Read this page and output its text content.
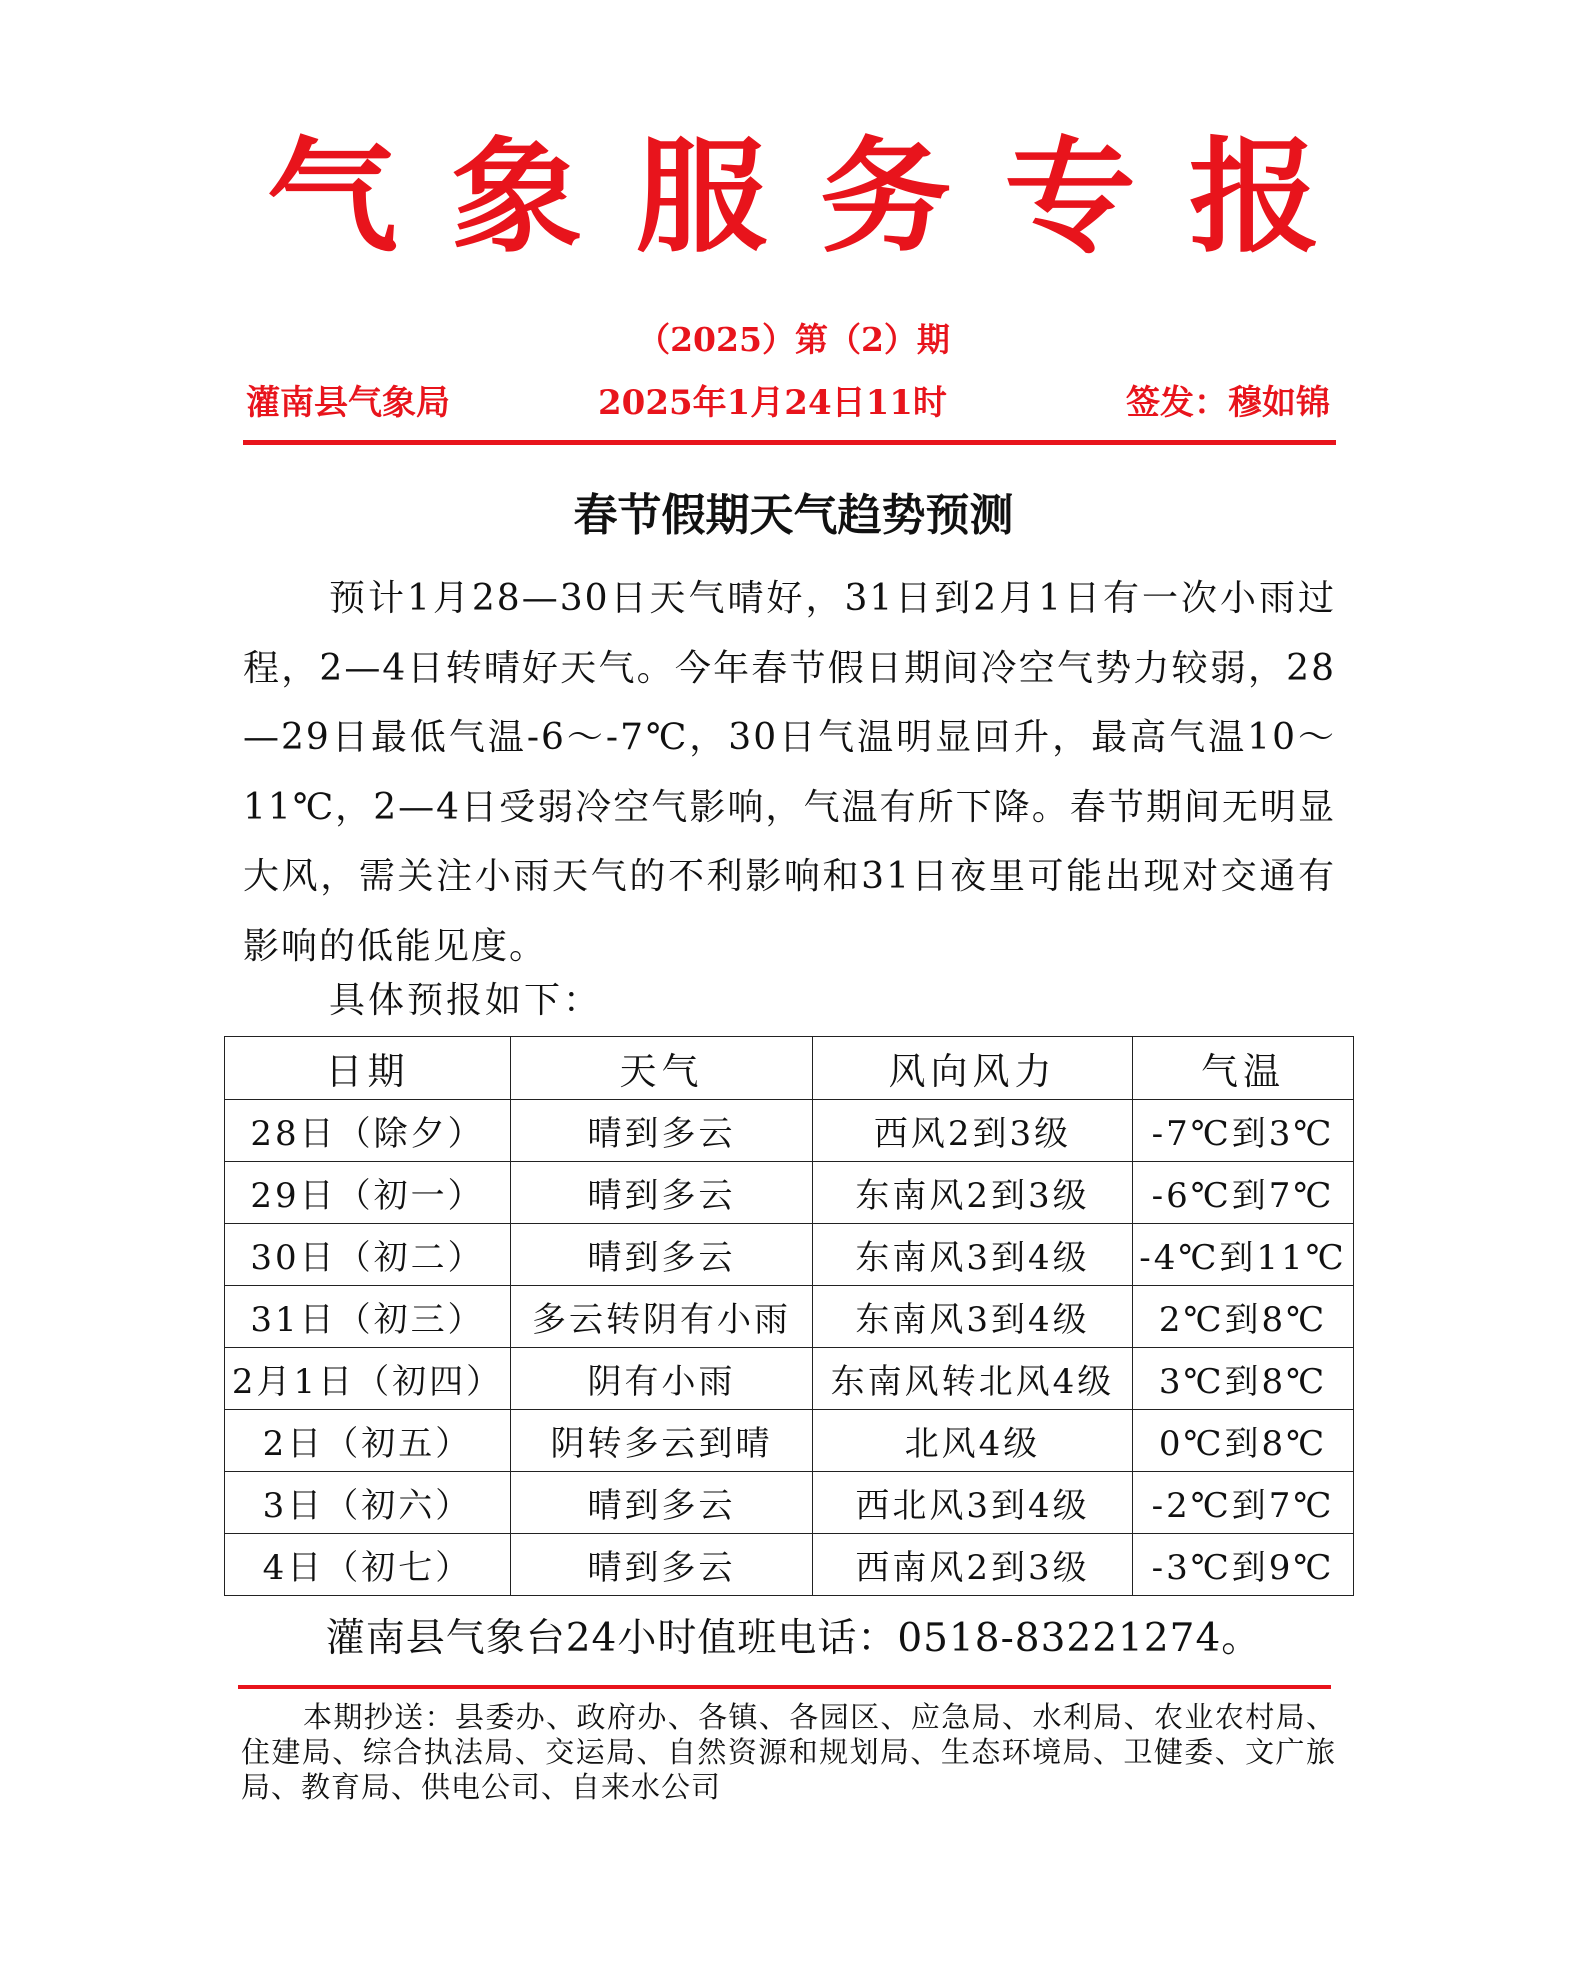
气象服务专报
（2025）第（2）期
灌南县气象局	2025年1月24日11时	签发：穆如锦
春节假期天气趋势预测
预计1月28—30日天气晴好，31日到2月1日有一次小雨过程，2—4日转晴好天气。今年春节假日期间冷空气势力较弱，28—29日最低气温-6～-7℃，30日气温明显回升，最高气温10～11℃，2—4日受弱冷空气影响，气温有所下降。春节期间无明显大风，需关注小雨天气的不利影响和31日夜里可能出现对交通有影响的低能见度。
具体预报如下：
日期	天气	风向风力	气温
28日（除夕）	晴到多云	西风2到3级	-7℃到3℃
29日（初一）	晴到多云	东南风2到3级	-6℃到7℃
30日（初二）	晴到多云	东南风3到4级	-4℃到11℃
31日（初三）	多云转阴有小雨	东南风3到4级	2℃到8℃
2月1日（初四）	阴有小雨	东南风转北风4级	3℃到8℃
2日（初五）	阴转多云到晴	北风4级	0℃到8℃
3日（初六）	晴到多云	西北风3到4级	-2℃到7℃
4日（初七）	晴到多云	西南风2到3级	-3℃到9℃
灌南县气象台24小时值班电话：0518-83221274。
本期抄送：县委办、政府办、各镇、各园区、应急局、水利局、农业农村局、住建局、综合执法局、交运局、自然资源和规划局、生态环境局、卫健委、文广旅局、教育局、供电公司、自来水公司
